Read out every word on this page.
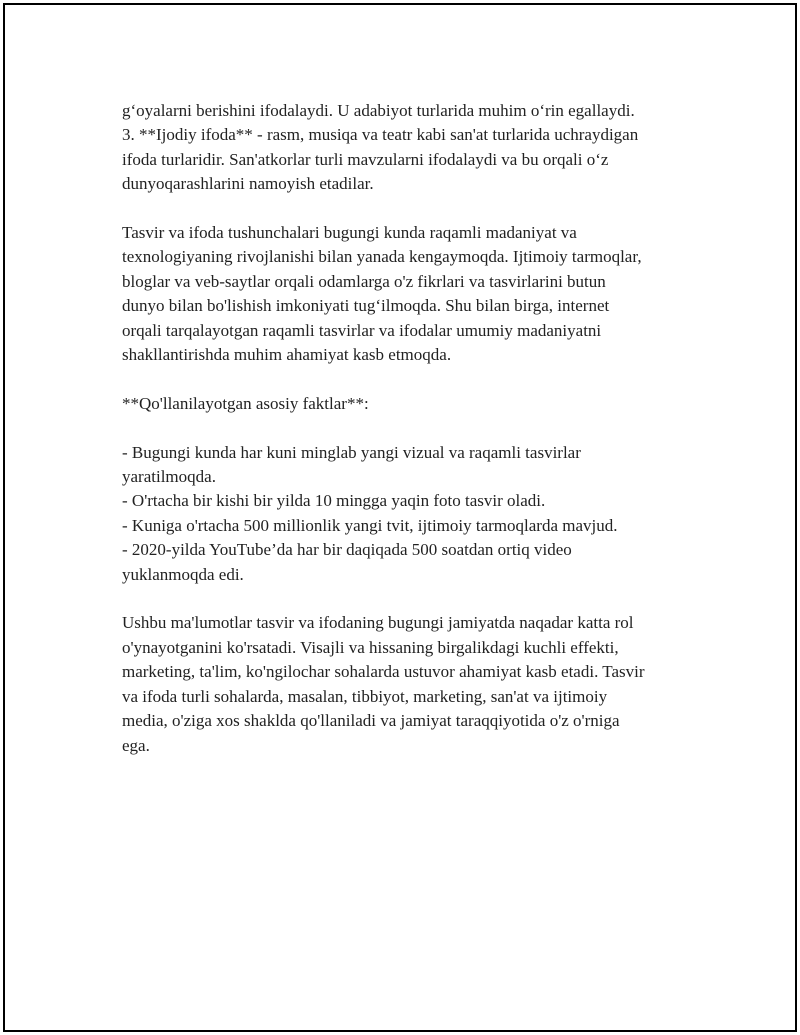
g‘oyalarni berishini ifodalaydi. U adabiyot turlarida muhim o‘rin egallaydi.

3. **Ijodiy ifoda** - rasm, musiqa va teatr kabi san'at turlarida uchraydigan

ifoda turlaridir. San'atkorlar turli mavzularni ifodalaydi va bu orqali o‘z

dunyoqarashlarini namoyish etadilar.

Tasvir va ifoda tushunchalari bugungi kunda raqamli madaniyat va

texnologiyaning rivojlanishi bilan yanada kengaymoqda. Ijtimoiy tarmoqlar,

bloglar va veb-saytlar orqali odamlarga o'z fikrlari va tasvirlarini butun

dunyo bilan bo'lishish imkoniyati tug‘ilmoqda. Shu bilan birga, internet

orqali tarqalayotgan raqamli tasvirlar va ifodalar umumiy madaniyatni

shakllantirishda muhim ahamiyat kasb etmoqda.

**Qo'llanilayotgan asosiy faktlar**:

- Bugungi kunda har kuni minglab yangi vizual va raqamli tasvirlar

yaratilmoqda.

- O'rtacha bir kishi bir yilda 10 mingga yaqin foto tasvir oladi.

- Kuniga o'rtacha 500 millionlik yangi tvit, ijtimoiy tarmoqlarda mavjud.

- 2020-yilda YouTube’da har bir daqiqada 500 soatdan ortiq video

yuklanmoqda edi.

Ushbu ma'lumotlar tasvir va ifodaning bugungi jamiyatda naqadar katta rol

o'ynayotganini ko'rsatadi. Visajli va hissaning birgalikdagi kuchli effekti,

marketing, ta'lim, ko'ngilochar sohalarda ustuvor ahamiyat kasb etadi. Tasvir

va ifoda turli sohalarda, masalan, tibbiyot, marketing, san'at va ijtimoiy

media, o'ziga xos shaklda qo'llaniladi va jamiyat taraqqiyotida o'z o'rniga

ega.
